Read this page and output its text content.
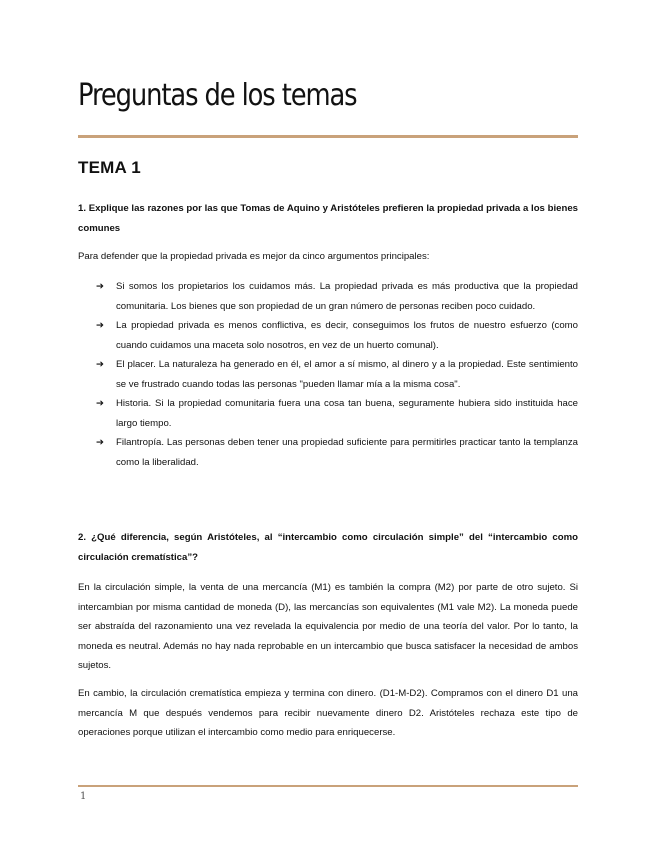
Preguntas de los temas
TEMA 1

1. Explique las razones por las que Tomas de Aquino y Aristóteles prefieren la propiedad privada a los bienes comunes

Para defender que la propiedad privada es mejor da cinco argumentos principales:

➔ Si somos los propietarios los cuidamos más. La propiedad privada es más productiva que la propiedad comunitaria. Los bienes que son propiedad de un gran número de personas reciben poco cuidado.
➔ La propiedad privada es menos conflictiva, es decir, conseguimos los frutos de nuestro esfuerzo (como cuando cuidamos una maceta solo nosotros, en vez de un huerto comunal).
➔ El placer. La naturaleza ha generado en él, el amor a sí mismo, al dinero y a la propiedad. Este sentimiento se ve frustrado cuando todas las personas "pueden llamar mía a la misma cosa".
➔ Historia. Si la propiedad comunitaria fuera una cosa tan buena, seguramente hubiera sido instituida hace largo tiempo.
➔ Filantropía. Las personas deben tener una propiedad suficiente para permitirles practicar tanto la templanza como la liberalidad.

2. ¿Qué diferencia, según Aristóteles, al “intercambio como circulación simple” del “intercambio como circulación crematística”?

En la circulación simple, la venta de una mercancía (M1) es también la compra (M2) por parte de otro sujeto. Si intercambian por misma cantidad de moneda (D), las mercancías son equivalentes (M1 vale M2). La moneda puede ser abstraída del razonamiento una vez revelada la equivalencia por medio de una teoría del valor. Por lo tanto, la moneda es neutral. Además no hay nada reprobable en un intercambio que busca satisfacer la necesidad de ambos sujetos.

En cambio, la circulación crematística empieza y termina con dinero. (D1-M-D2). Compramos con el dinero D1 una mercancía M que después vendemos para recibir nuevamente dinero D2. Aristóteles rechaza este tipo de operaciones porque utilizan el intercambio como medio para enriquecerse.

1
